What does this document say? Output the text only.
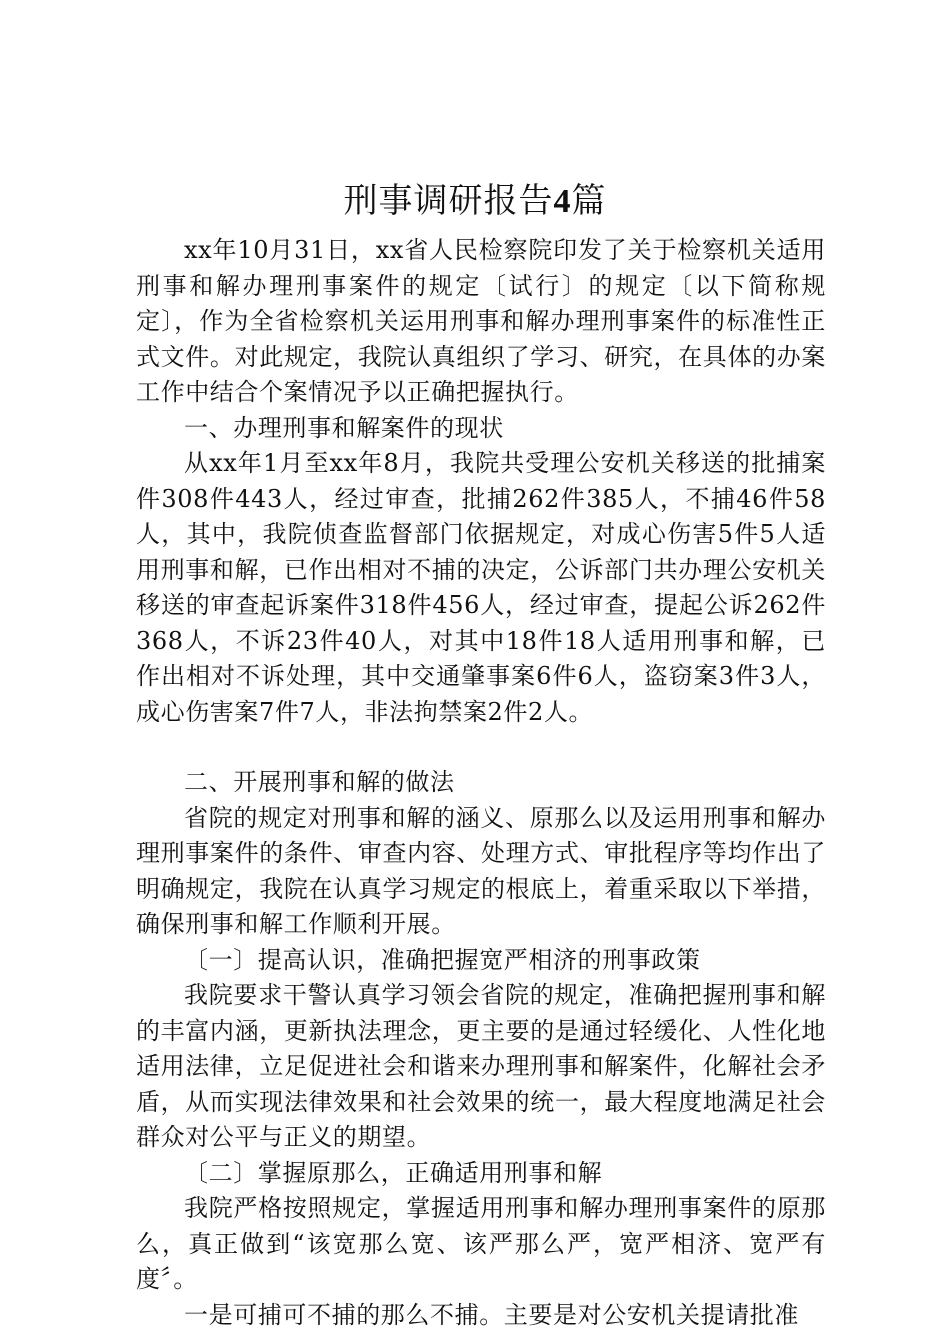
刑事调研报告4篇

xx年10月31日，xx省人民检察院印发了关于检察机关适用刑事和解办理刑事案件的规定〔试行〕的规定〔以下简称规定〕，作为全省检察机关运用刑事和解办理刑事案件的标准性正式文件。对此规定，我院认真组织了学习、研究，在具体的办案工作中结合个案情况予以正确把握执行。

一、办理刑事和解案件的现状

从xx年1月至xx年8月，我院共受理公安机关移送的批捕案件308件443人，经过审查，批捕262件385人，不捕46件58人，其中，我院侦查监督部门依据规定，对成心伤害5件5人适用刑事和解，已作出相对不捕的决定，公诉部门共办理公安机关移送的审查起诉案件318件456人，经过审查，提起公诉262件368人，不诉23件40人，对其中18件18人适用刑事和解，已作出相对不诉处理，其中交通肇事案6件6人，盗窃案3件3人，成心伤害案7件7人，非法拘禁案2件2人。

二、开展刑事和解的做法

省院的规定对刑事和解的涵义、原那么以及运用刑事和解办理刑事案件的条件、审查内容、处理方式、审批程序等均作出了明确规定，我院在认真学习规定的根底上，着重采取以下举措，确保刑事和解工作顺利开展。

〔一〕提高认识，准确把握宽严相济的刑事政策

我院要求干警认真学习领会省院的规定，准确把握刑事和解的丰富内涵，更新执法理念，更主要的是通过轻缓化、人性化地适用法律，立足促进社会和谐来办理刑事和解案件，化解社会矛盾，从而实现法律效果和社会效果的统一，最大程度地满足社会群众对公平与正义的期望。

〔二〕掌握原那么，正确适用刑事和解

我院严格按照规定，掌握适用刑事和解办理刑事案件的原那么，真正做到“该宽那么宽、该严那么严，宽严相济、宽严有度〞。

一是可捕可不捕的那么不捕。主要是对公安机关提请批准
